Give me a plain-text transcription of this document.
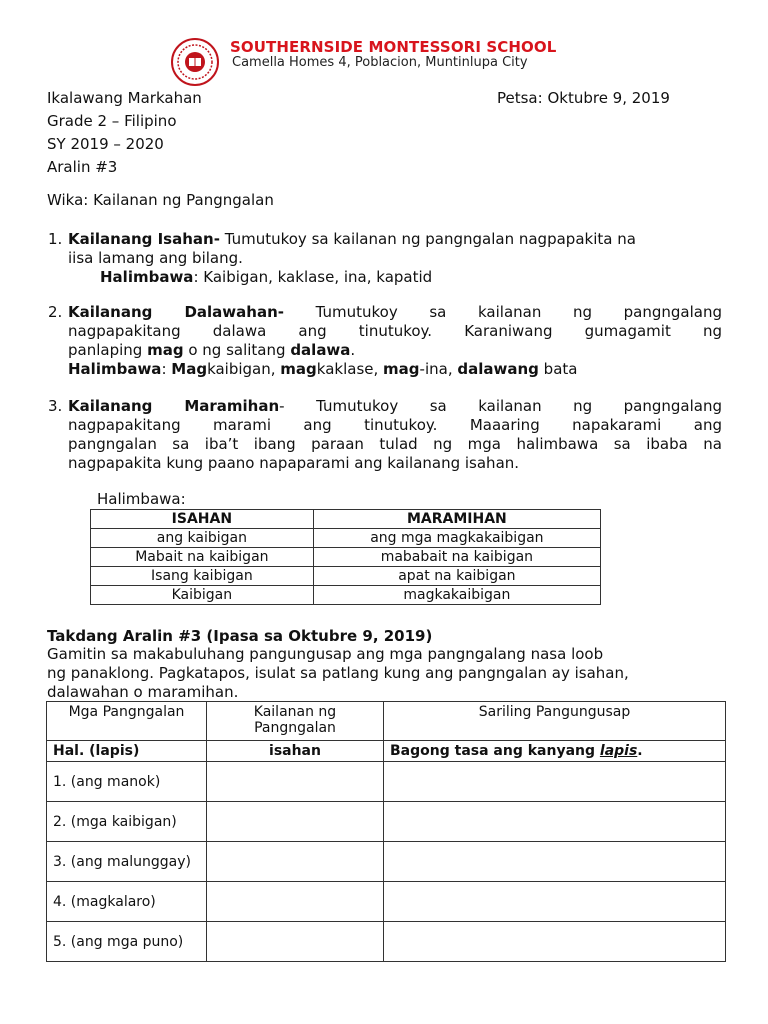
SOUTHERNSIDE MONTESSORI SCHOOL
Camella Homes 4, Poblacion, Muntinlupa City
Ikalawang Markahan	Petsa: Oktubre 9, 2019
Grade 2 – Filipino
SY 2019 – 2020
Aralin #3
Wika: Kailanan ng Pangngalan
1. Kailanang Isahan- Tumutukoy sa kailanan ng pangngalan nagpapakita na
iisa lamang ang bilang.
Halimbawa: Kaibigan, kaklase, ina, kapatid
2. Kailanang Dalawahan- Tumutukoy sa kailanan ng pangngalang
nagpapakitang dalawa ang tinutukoy. Karaniwang gumagamit ng
panlaping mag o ng salitang dalawa.
Halimbawa: Magkaibigan, magkaklase, mag-ina, dalawang bata
3. Kailanang Maramihan- Tumutukoy sa kailanan ng pangngalang
nagpapakitang marami ang tinutukoy. Maaaring napakarami ang
pangngalan sa iba’t ibang paraan tulad ng mga halimbawa sa ibaba na
nagpapakita kung paano napaparami ang kailanang isahan.
Halimbawa:
ISAHAN	MARAMIHAN
ang kaibigan	ang mga magkakaibigan
Mabait na kaibigan	mababait na kaibigan
Isang kaibigan	apat na kaibigan
Kaibigan	magkakaibigan
Takdang Aralin #3 (Ipasa sa Oktubre 9, 2019)
Gamitin sa makabuluhang pangungusap ang mga pangngalang nasa loob
ng panaklong. Pagkatapos, isulat sa patlang kung ang pangngalan ay isahan,
dalawahan o maramihan.
Mga Pangngalan	Kailanan ng Pangngalan	Sariling Pangungusap
Hal. (lapis)	isahan	Bagong tasa ang kanyang lapis.
1. (ang manok)		
2. (mga kaibigan)		
3. (ang malunggay)		
4. (magkalaro)		
5. (ang mga puno)		
